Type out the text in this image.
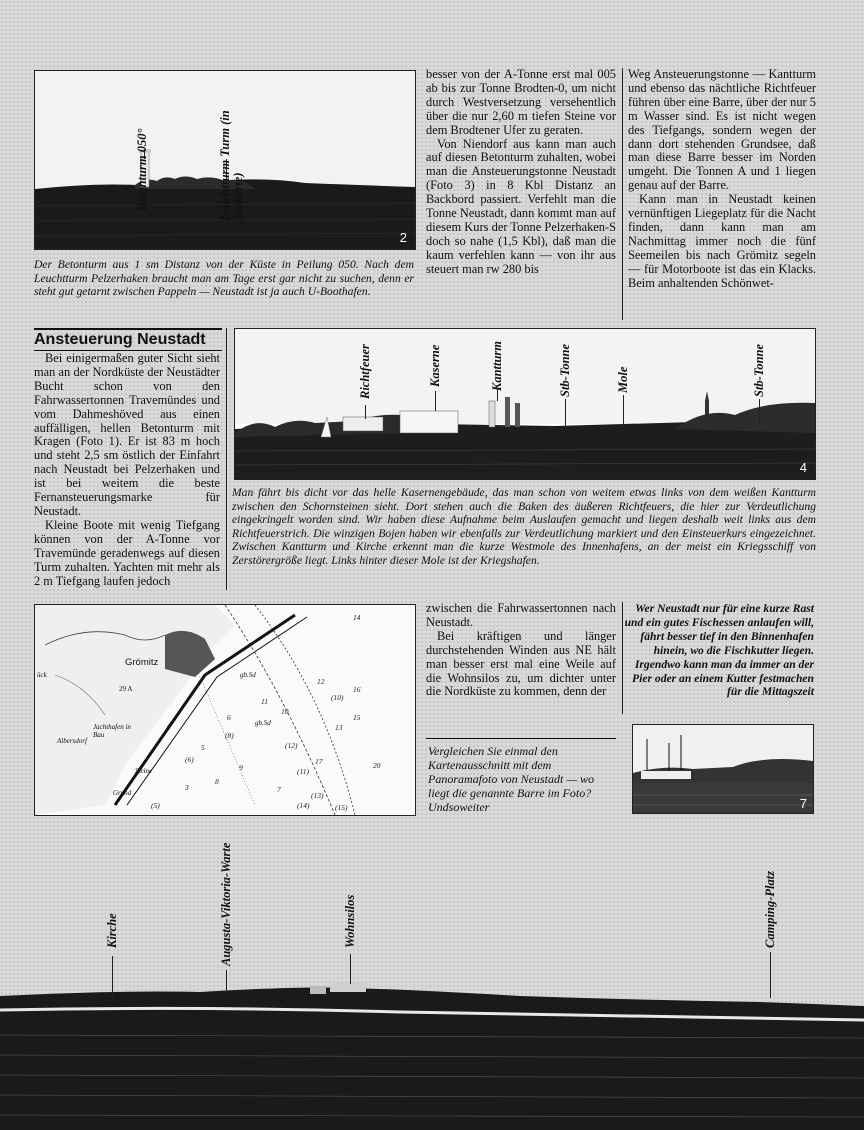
Betonturm 050°	Leuchtturm Turm (in Seekarte)
2
Der Betonturm aus 1 sm Distanz von der Küste in Peilung 050. Nach dem Leuchtturm Pelzerhaken braucht man am Tage erst gar nicht zu suchen, denn er steht gut getarnt zwischen Pappeln — Neustadt ist ja auch U-Boothafen.

besser von der A-Tonne erst mal 005 ab bis zur Tonne Brodten-0, um nicht durch Westversetzung versehentlich über die nur 2,60 m tiefen Steine vor dem Brodtener Ufer zu geraten.

Von Niendorf aus kann man auch auf diesen Betonturm zuhalten, wobei man die Ansteuerungstonne Neustadt (Foto 3) in 8 Kbl Distanz an Backbord passiert. Verfehlt man die Tonne Neustadt, dann kommt man auf diesem Kurs der Tonne Pelzerhaken-S doch so nahe (1,5 Kbl), daß man die kaum verfehlen kann — von ihr aus steuert man rw 280 bis

Weg Ansteuerungstonne — Kantturm und ebenso das nächtliche Richtfeuer führen über eine Barre, über der nur 5 m Wasser sind. Es ist nicht wegen des Tiefgangs, sondern wegen der dann dort stehenden Grundsee, daß man diese Barre besser im Norden umgeht. Die Tonnen A und 1 liegen genau auf der Barre.

Kann man in Neustadt keinen vernünftigen Liegeplatz für die Nacht finden, dann kann man am Nachmittag immer noch die fünf Seemeilen bis nach Grömitz segeln — für Motorboote ist das ein Klacks. Beim anhaltenden Schönwet-

Ansteuerung Neustadt

Bei einigermaßen guter Sicht sieht man an der Nordküste der Neustädter Bucht schon von den Fahrwassertonnen Travemündes und vom Dahmeshöved aus einen auffälligen, hellen Betonturm mit Kragen (Foto 1). Er ist 83 m hoch und steht 2,5 sm östlich der Einfahrt nach Neustadt bei Pelzerhaken und ist bei weitem die beste Fernansteuerungsmarke für Neustadt.

Kleine Boote mit wenig Tiefgang können von der A-Tonne vor Travemünde geradenwegs auf diesen Turm zuhalten. Yachten mit mehr als 2 m Tiefgang laufen jedoch

Richtfeuer	Kaserne	Kantturm	Stb-Tonne	Mole	Stb-Tonne
4
Man fährt bis dicht vor das helle Kasernengebäude, das man schon von weitem etwas links von dem weißen Kantturm zwischen den Schornsteinen sieht. Dort stehen auch die Baken des äußeren Richtfeuers, die hier zur Verdeutlichung eingekringelt worden sind. Wir haben diese Aufnahme beim Auslaufen gemacht und liegen deshalb weit links aus dem Richtfeuerstrich. Die winzigen Bojen haben wir ebenfalls zur Verdeutlichung markiert und den Einsteuerkurs eingezeichnet. Zwischen Kantturm und Kirche erkennt man die kurze Westmole des Innenhafens, an der meist ein Kriegsschiff von Zerstörergröße liegt. Links hinter dieser Mole ist der Kriegshafen.
Grömitz
Jachthafen in Bau
Albersdorf
Steine
Grund
gb.Sd
gb.Sd
ück
29 A
14
16
15
20
17
6
5
4
3
8
10
11
12
13
9
7
(6)
(8)
(10)
(11)
(12)
(13)
(14)	(15)
(5)

zwischen die Fahrwassertonnen nach Neustadt.

Bei kräftigen und länger durchstehenden Winden aus NE hält man besser erst mal eine Weile auf die Wohnsilos zu, um dichter unter die Nordküste zu kommen, denn der

Vergleichen Sie einmal den Kartenausschnitt mit dem Panoramafoto von Neustadt — wo liegt die genannte Barre im Foto? Undsoweiter
Wer Neustadt nur für eine kurze Rast und ein gutes Fischessen anlaufen will, fährt besser tief in den Binnenhafen hinein, wo die Fischkutter liegen. Irgendwo kann man da immer an der Pier oder an einem Kutter festmachen für die Mittagszeit
7
Kirche	Augusta-Viktoria-Warte	Wohnsilos	Camping-Platz
